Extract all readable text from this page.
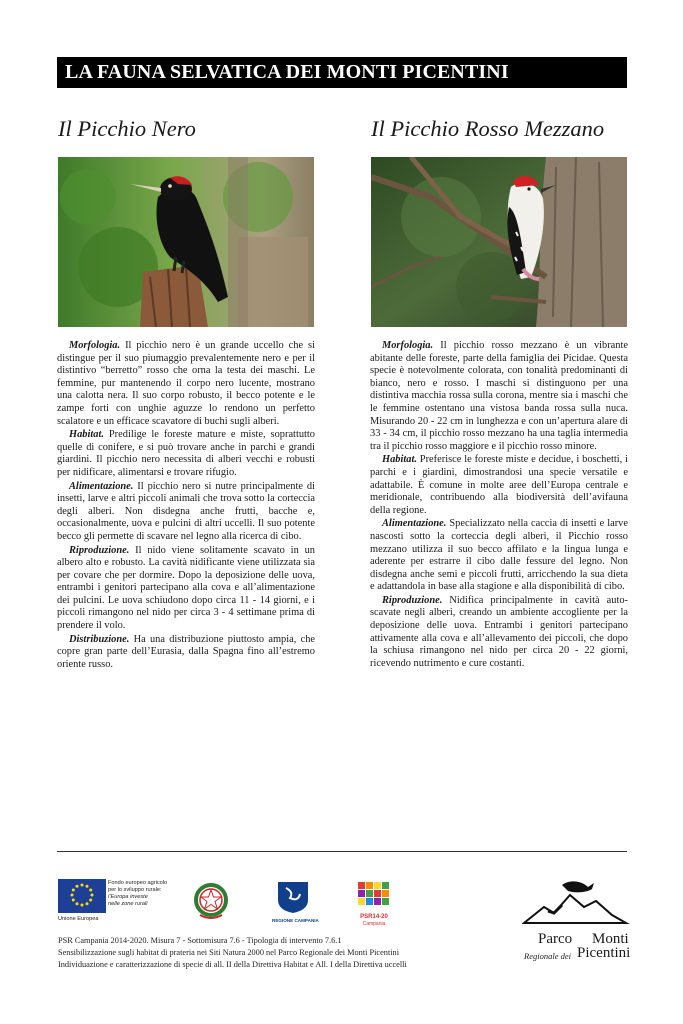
LA FAUNA SELVATICA DEI MONTI PICENTINI
Il Picchio Nero	Il Picchio Rosso Mezzano

Morfologia. Il picchio nero è un grande uccello che si distingue per il suo piumaggio prevalentemente nero e per il distintivo “berretto” rosso che orna la testa dei maschi. Le femmine, pur mantenendo il corpo nero lucente, mostrano una calotta nera. Il suo corpo robusto, il becco potente e le zampe forti con unghie aguzze lo rendono un perfetto scalatore e un efficace scavatore di buchi sugli alberi.

Habitat. Predilige le foreste mature e miste, soprattutto quelle di conifere, e si può trovare anche in parchi e grandi giardini. Il picchio nero necessita di alberi vecchi e robusti per nidificare, alimentarsi e trovare rifugio.

Alimentazione. Il picchio nero si nutre principalmente di insetti, larve e altri piccoli animali che trova sotto la corteccia degli alberi. Non disdegna anche frutti, bacche e, occasionalmente, uova e pulcini di altri uccelli. Il suo potente becco gli permette di scavare nel legno alla ricerca di cibo.

Riproduzione. Il nido viene solitamente scavato in un albero alto e robusto. La cavità nidificante viene utilizzata sia per covare che per dormire. Dopo la deposizione delle uova, entrambi i genitori partecipano alla cova e all’alimentazione dei pulcini. Le uova schiudono dopo circa 11 - 14 giorni, e i piccoli rimangono nel nido per circa 3 - 4 settimane prima di prendere il volo.

Distribuzione. Ha una distribuzione piuttosto ampia, che copre gran parte dell’Eurasia, dalla Spagna fino all’estremo oriente russo.

Morfologia. Il picchio rosso mezzano è un vibrante abitante delle foreste, parte della famiglia dei Picidae. Questa specie è notevolmente colorata, con tonalità predominanti di bianco, nero e rosso. I maschi si distinguono per una distintiva macchia rossa sulla corona, mentre sia i maschi che le femmine ostentano una vistosa banda rossa sulla nuca. Misurando 20 - 22 cm in lunghezza e con un’apertura alare di 33 - 34 cm, il picchio rosso mezzano ha una taglia intermedia tra il picchio rosso maggiore e il picchio rosso minore.

Habitat. Preferisce le foreste miste e decidue, i boschetti, i parchi e i giardini, dimostrandosi una specie versatile e adattabile. È comune in molte aree dell’Europa centrale e meridionale, contribuendo alla biodiversità dell’avifauna della regione.

Alimentazione. Specializzato nella caccia di insetti e larve nascosti sotto la corteccia degli alberi, il Picchio rosso mezzano utilizza il suo becco affilato e la lingua lunga e aderente per estrarre il cibo dalle fessure del legno. Non disdegna anche semi e piccoli frutti, arricchendo la sua dieta e adattandola in base alla stagione e alla disponibilità di cibo.

Riproduzione. Nidifica principalmente in cavità auto-scavate negli alberi, creando un ambiente accogliente per la deposizione delle uova. Entrambi i genitori partecipano attivamente alla cova e all’allevamento dei piccoli, che dopo la schiusa rimangono nel nido per circa 20 - 22 giorni, ricevendo nutrimento e cure costanti.

Fondo europeo agricolo
per lo sviluppo rurale:
l’Europa investe
nelle zone rurali
Unione Europea	REGIONE CAMPANIA
PSR14-20
Campania
PSR Campania 2014-2020. Misura 7 - Sottomisura 7.6 - Tipologia di intervento 7.6.1
Sensibilizzazione sugli habitat di prateria nei Siti Natura 2000 nel Parco Regionale dei Monti Picentini
Individuazione e caratterizzazione di specie di all. II della Direttiva Habitat e All. I della Direttiva uccelli
Parco Monti
Regionale dei Picentini
